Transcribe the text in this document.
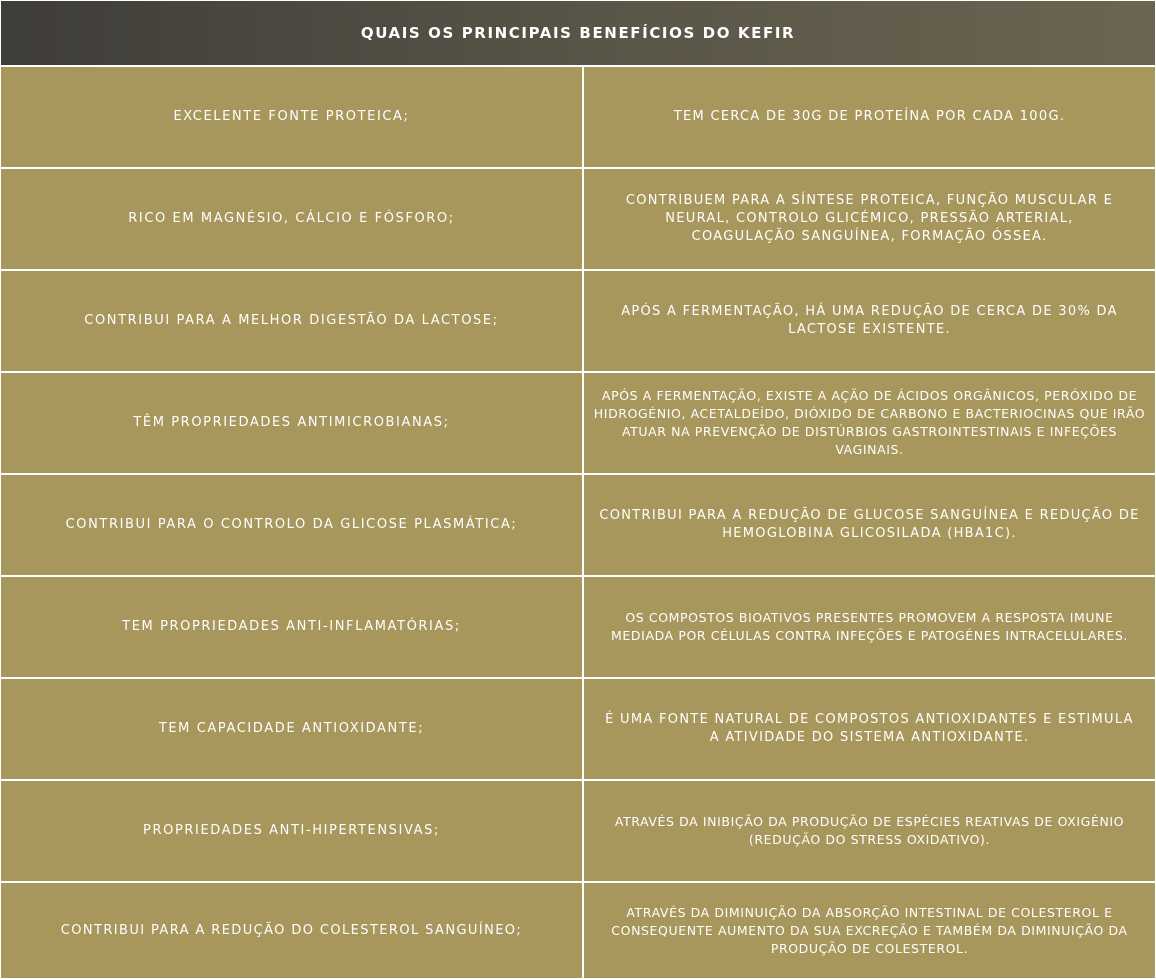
QUAIS OS PRINCIPAIS BENEFÍCIOS DO KEFIR
EXCELENTE FONTE PROTEICA;	TEM CERCA DE 30G DE PROTEÍNA POR CADA 100G.
RICO EM MAGNÉSIO, CÁLCIO E FÓSFORO;
CONTRIBUEM PARA A SÍNTESE PROTEICA, FUNÇÃO MUSCULAR E NEURAL, CONTROLO GLICÉMICO, PRESSÃO ARTERIAL, COAGULAÇÃO SANGUÍNEA, FORMAÇÃO ÓSSEA.
CONTRIBUI PARA A MELHOR DIGESTÃO DA LACTOSE;
APÓS A FERMENTAÇÃO, HÁ UMA REDUÇÃO DE CERCA DE 30% DA LACTOSE EXISTENTE.
TÊM PROPRIEDADES ANTIMICROBIANAS;
APÓS A FERMENTAÇÃO, EXISTE A AÇÃO DE ÁCIDOS ORGÂNICOS, PERÓXIDO DE HIDROGÉNIO, ACETALDEÍDO, DIÓXIDO DE CARBONO E BACTERIOCINAS QUE IRÃO ATUAR NA PREVENÇÃO DE DISTÚRBIOS GASTROINTESTINAIS E INFEÇÕES VAGINAIS.
CONTRIBUI PARA O CONTROLO DA GLICOSE PLASMÁTICA;
CONTRIBUI PARA A REDUÇÃO DE GLUCOSE SANGUÍNEA E REDUÇÃO DE HEMOGLOBINA GLICOSILADA (HBA1C).
TEM PROPRIEDADES ANTI-INFLAMATÓRIAS;
OS COMPOSTOS BIOATIVOS PRESENTES PROMOVEM A RESPOSTA IMUNE MEDIADA POR CÉLULAS CONTRA INFEÇÕES E PATOGÉNES INTRACELULARES.
TEM CAPACIDADE ANTIOXIDANTE;
É UMA FONTE NATURAL DE COMPOSTOS ANTIOXIDANTES E ESTIMULA A ATIVIDADE DO SISTEMA ANTIOXIDANTE.
PROPRIEDADES ANTI-HIPERTENSIVAS;
ATRAVÉS DA INIBIÇÃO DA PRODUÇÃO DE ESPÉCIES REATIVAS DE OXIGÉNIO (REDUÇÃO DO STRESS OXIDATIVO).
CONTRIBUI PARA A REDUÇÃO DO COLESTEROL SANGUÍNEO;
ATRAVÉS DA DIMINUIÇÃO DA ABSORÇÃO INTESTINAL DE COLESTEROL E CONSEQUENTE AUMENTO DA SUA EXCREÇÃO E TAMBÉM DA DIMINUIÇÃO DA PRODUÇÃO DE COLESTEROL.
